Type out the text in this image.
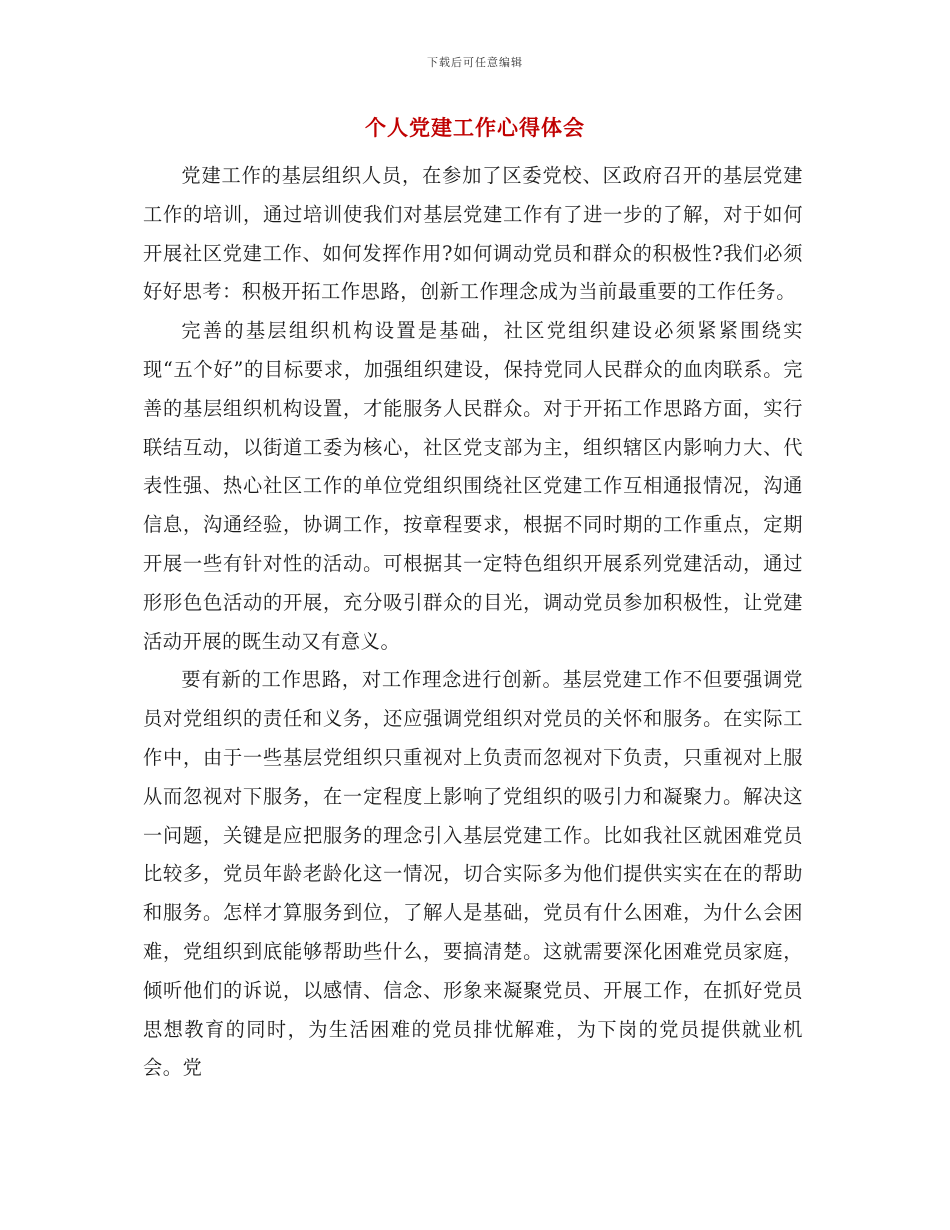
下载后可任意编辑
个人党建工作心得体会

党建工作的基层组织人员，在参加了区委党校、区政府召开的基层党建工作的培训，通过培训使我们对基层党建工作有了进一步的了解，对于如何开展社区党建工作、如何发挥作用?如何调动党员和群众的积极性?我们必须好好思考：积极开拓工作思路，创新工作理念成为当前最重要的工作任务。

完善的基层组织机构设置是基础，社区党组织建设必须紧紧围绕实现“五个好”的目标要求，加强组织建设，保持党同人民群众的血肉联系。完善的基层组织机构设置，才能服务人民群众。对于开拓工作思路方面，实行联结互动，以街道工委为核心，社区党支部为主，组织辖区内影响力大、代表性强、热心社区工作的单位党组织围绕社区党建工作互相通报情况，沟通信息，沟通经验，协调工作，按章程要求，根据不同时期的工作重点，定期开展一些有针对性的活动。可根据其一定特色组织开展系列党建活动，通过形形色色活动的开展，充分吸引群众的目光，调动党员参加积极性，让党建活动开展的既生动又有意义。

要有新的工作思路，对工作理念进行创新。基层党建工作不但要强调党员对党组织的责任和义务，还应强调党组织对党员的关怀和服务。在实际工作中，由于一些基层党组织只重视对上负责而忽视对下负责，只重视对上服从而忽视对下服务，在一定程度上影响了党组织的吸引力和凝聚力。解决这一问题，关键是应把服务的理念引入基层党建工作。比如我社区就困难党员比较多，党员年龄老龄化这一情况，切合实际多为他们提供实实在在的帮助和服务。怎样才算服务到位，了解人是基础，党员有什么困难，为什么会困难，党组织到底能够帮助些什么，要搞清楚。这就需要深化困难党员家庭，倾听他们的诉说，以感情、信念、形象来凝聚党员、开展工作，在抓好党员思想教育的同时，为生活困难的党员排忧解难，为下岗的党员提供就业机会。党
